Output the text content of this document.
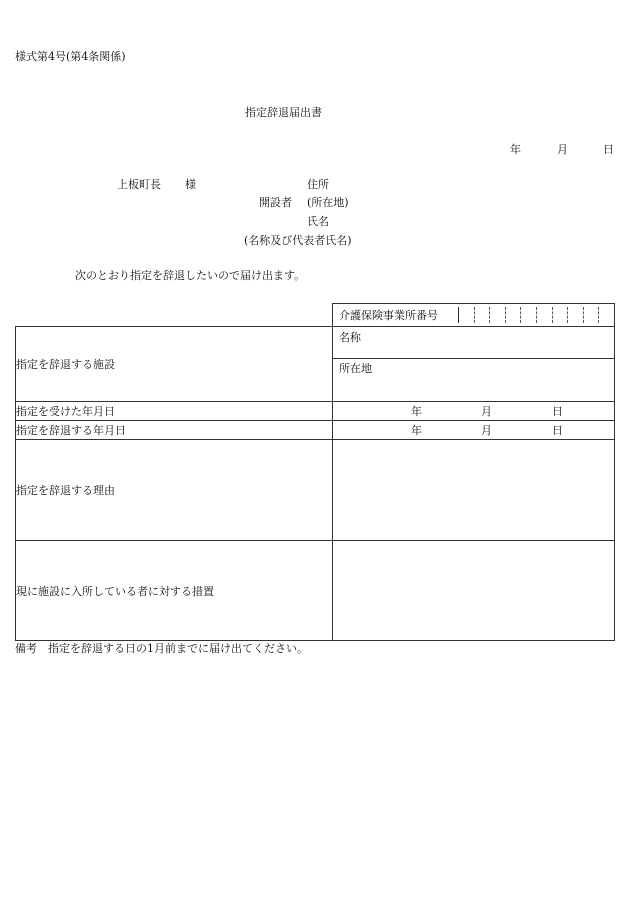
様式第4号(第4条関係)
指定辞退届出書
年	月	日
上板町長 様	住所
開設者 (所在地)
氏名
(名称及び代表者氏名)
次のとおり指定を辞退したいので届け出ます。

介護保険事業所番号

指定を辞退する施設	名称

	所在地

指定を受けた年月日	年 月 日

指定を辞退する年月日	年 月 日

指定を辞退する理由	
現に施設に入所している者に対する措置	
備考　指定を辞退する日の1月前までに届け出てください。
